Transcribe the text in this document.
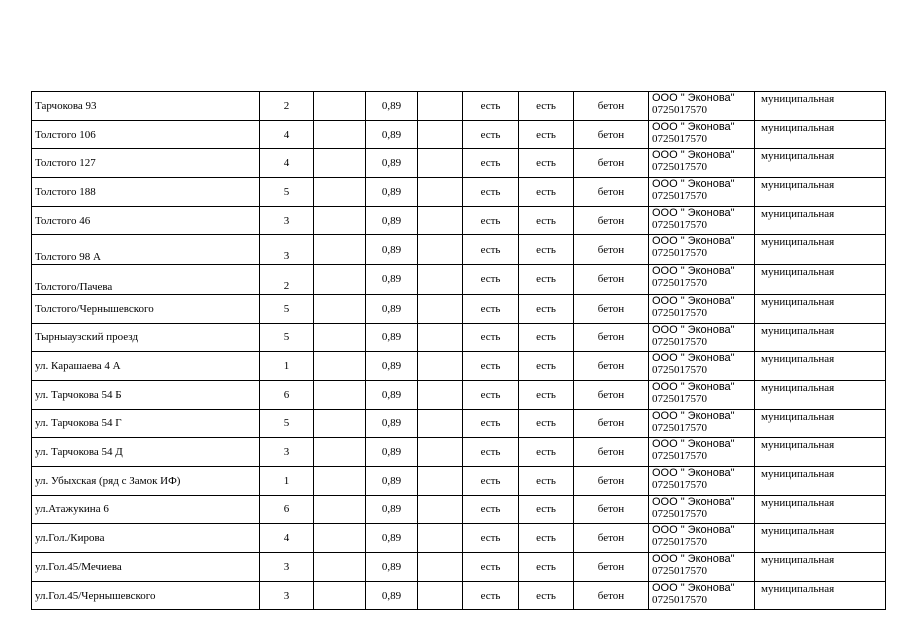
Тарчокова 93	2		0,89		есть	есть	бетон	ООО " Эконова"
0725017570	муниципальная
Толстого 106	4		0,89		есть	есть	бетон	ООО " Эконова"
0725017570	муниципальная
Толстого 127	4		0,89		есть	есть	бетон	ООО " Эконова"
0725017570	муниципальная
Толстого 188	5		0,89		есть	есть	бетон	ООО " Эконова"
0725017570	муниципальная
Толстого 46	3		0,89		есть	есть	бетон	ООО " Эконова"
0725017570	муниципальная
Толстого 98 А	3		0,89		есть	есть	бетон	ООО " Эконова"
0725017570	муниципальная
Толстого/Пачева	2		0,89		есть	есть	бетон	ООО " Эконова"
0725017570	муниципальная
Толстого/Чернышевского	5		0,89		есть	есть	бетон	ООО " Эконова"
0725017570	муниципальная
Тырныаузский проезд	5		0,89		есть	есть	бетон	ООО " Эконова"
0725017570	муниципальная
ул. Карашаева 4 А	1		0,89		есть	есть	бетон	ООО " Эконова"
0725017570	муниципальная
ул. Тарчокова 54 Б	6		0,89		есть	есть	бетон	ООО " Эконова"
0725017570	муниципальная
ул. Тарчокова 54 Г	5		0,89		есть	есть	бетон	ООО " Эконова"
0725017570	муниципальная
ул. Тарчокова 54 Д	3		0,89		есть	есть	бетон	ООО " Эконова"
0725017570	муниципальная
ул. Убыхская (ряд с Замок ИФ)	1		0,89		есть	есть	бетон	ООО " Эконова"
0725017570	муниципальная
ул.Атажукина 6	6		0,89		есть	есть	бетон	ООО " Эконова"
0725017570	муниципальная
ул.Гол./Кирова	4		0,89		есть	есть	бетон	ООО " Эконова"
0725017570	муниципальная
ул.Гол.45/Мечиева	3		0,89		есть	есть	бетон	ООО " Эконова"
0725017570	муниципальная
ул.Гол.45/Чернышевского	3		0,89		есть	есть	бетон	ООО " Эконова"
0725017570	муниципальная
